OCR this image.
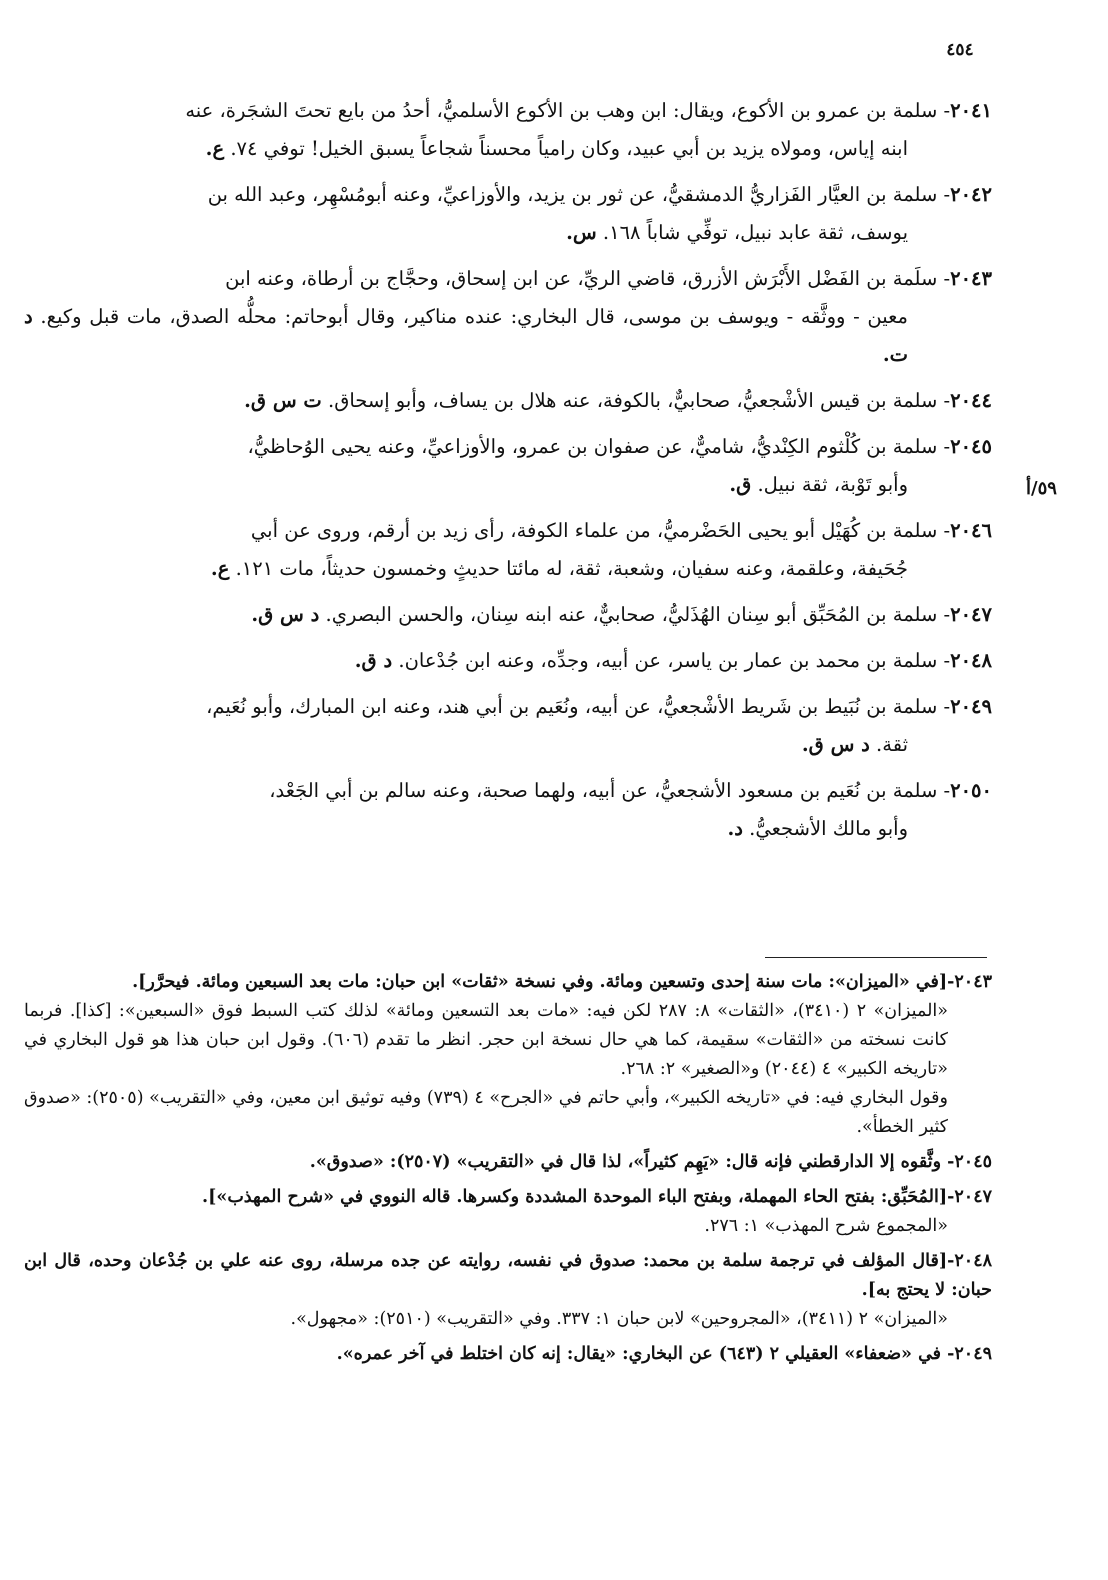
٤٥٤
٥٩/أ

٢٠٤١- سلمة بن عمرو بن الأكوع، ويقال: ابن وهب بن الأكوع الأسلميُّ، أحدُ من بايع تحتَ الشجَرة، عنه
ابنه إياس، ومولاه يزيد بن أبي عبيد، وكان رامياً محسناً شجاعاً يسبق الخيل! توفي ٧٤. ع.

٢٠٤٢- سلمة بن العيَّار الفَزاريُّ الدمشقيُّ، عن ثور بن يزيد، والأوزاعيِّ، وعنه أبومُسْهِر، وعبد الله بن
يوسف، ثقة عابد نبيل، توفِّي شاباً ١٦٨. س.

٢٠٤٣- سلَمة بن الفَضْل الأَبْرَش الأزرق، قاضي الريِّ، عن ابن إسحاق، وحجَّاج بن أرطاة، وعنه ابن
معين - ووثَّقه - ويوسف بن موسى، قال البخاري: عنده مناكير، وقال أبوحاتم: محلُّه الصدق، مات قبل وكيع. د ت.

٢٠٤٤- سلمة بن قيس الأشْجعيُّ، صحابيٌّ، بالكوفة، عنه هلال بن يساف، وأبو إسحاق. ت س ق.

٢٠٤٥- سلمة بن كُلْثوم الكِنْديُّ، شاميٌّ، عن صفوان بن عمرو، والأوزاعيِّ، وعنه يحيى الوُحاظيُّ،
وأبو تَوْبة، ثقة نبيل. ق.

٢٠٤٦- سلمة بن كُهَيْل أبو يحيى الحَضْرميُّ، من علماء الكوفة، رأى زيد بن أرقم، وروى عن أبي
جُحَيفة، وعلقمة، وعنه سفيان، وشعبة، ثقة، له مائتا حديثٍ وخمسون حديثاً، مات ١٢١. ع.

٢٠٤٧- سلمة بن المُحَبِّق أبو سِنان الهُذَليُّ، صحابيٌّ، عنه ابنه سِنان، والحسن البصري. د س ق.

٢٠٤٨- سلمة بن محمد بن عمار بن ياسر، عن أبيه، وجدِّه، وعنه ابن جُدْعان. د ق.

٢٠٤٩- سلمة بن نُبَيط بن شَريط الأشْجعيُّ، عن أبيه، ونُعَيم بن أبي هند، وعنه ابن المبارك، وأبو نُعَيم،
ثقة. د س ق.

٢٠٥٠- سلمة بن نُعَيم بن مسعود الأشجعيُّ، عن أبيه، ولهما صحبة، وعنه سالم بن أبي الجَعْد،
وأبو مالك الأشجعيُّ. د.

٢٠٤٣-[في «الميزان»: مات سنة إحدى وتسعين ومائة. وفي نسخة «ثقات» ابن حبان: مات بعد السبعين ومائة. فيحرَّر].
«الميزان» ٢ (٣٤١٠)، «الثقات» ٨: ٢٨٧ لكن فيه: «مات بعد التسعين ومائة» لذلك كتب السبط فوق «السبعين»: [كذا]. فربما كانت نسخته من «الثقات» سقيمة، كما هي حال نسخة ابن حجر. انظر ما تقدم (٦٠٦). وقول ابن حبان هذا هو قول البخاري في «تاريخه الكبير» ٤ (٢٠٤٤) و«الصغير» ٢: ٢٦٨.
وقول البخاري فيه: في «تاريخه الكبير»، وأبي حاتم في «الجرح» ٤ (٧٣٩) وفيه توثيق ابن معين، وفي «التقريب» (٢٥٠٥): «صدوق كثير الخطأ».

٢٠٤٥- وثَّقوه إلا الدارقطني فإنه قال: «يَهِم كثيراً»، لذا قال في «التقريب» (٢٥٠٧): «صدوق».

٢٠٤٧-[المُحَبِّق: بفتح الحاء المهملة، وبفتح الباء الموحدة المشددة وكسرها. قاله النووي في «شرح المهذب»].
«المجموع شرح المهذب» ١: ٢٧٦.

٢٠٤٨-[قال المؤلف في ترجمة سلمة بن محمد: صدوق في نفسه، روايته عن جده مرسلة، روى عنه علي بن جُدْعان وحده، قال ابن حبان: لا يحتج به].
«الميزان» ٢ (٣٤١١)، «المجروحين» لابن حبان ١: ٣٣٧. وفي «التقريب» (٢٥١٠): «مجهول».

٢٠٤٩- في «ضعفاء» العقيلي ٢ (٦٤٣) عن البخاري: «يقال: إنه كان اختلط في آخر عمره».
